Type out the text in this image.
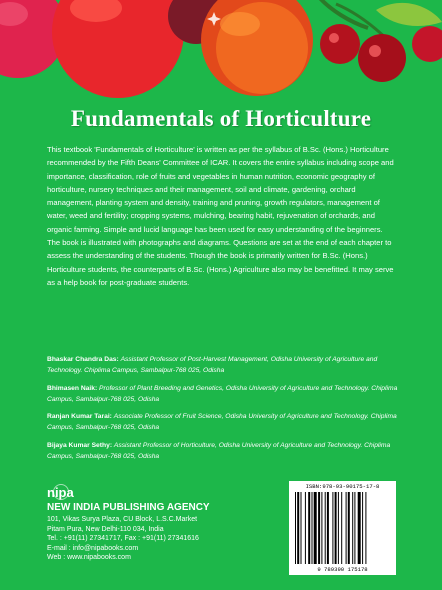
Fundamentals of Horticulture
This textbook 'Fundamentals of Horticulture' is written as per the syllabus of B.Sc. (Hons.) Horticulture recommended by the Fifth Deans' Committee of ICAR. It covers the entire syllabus including scope and importance, classification, role of fruits and vegetables in human nutrition, economic geography of horticulture, nursery techniques and their management, soil and climate, gardening, orchard management, planting system and density, training and pruning, growth regulators, management of water, weed and fertility; cropping systems, mulching, bearing habit, rejuvenation of orchards, and organic farming. Simple and lucid language has been used for easy understanding of the beginners. The book is illustrated with photographs and diagrams. Questions are set at the end of each chapter to assess the understanding of the students. Though the book is primarily written for B.Sc. (Hons.) Horticulture students, the counterparts of B.Sc. (Hons.) Agriculture also may be benefitted. It may serve as a help book for post-graduate students.
Bhaskar Chandra Das: Assistant Professor of Post-Harvest Management, Odisha University of Agriculture and Technology. Chiplima Campus, Sambalpur-768 025, Odisha
Bhimasen Naik: Professor of Plant Breeding and Genetics, Odisha University of Agriculture and Technology. Chiplima Campus, Sambalpur-768 025, Odisha
Ranjan Kumar Tarai: Associate Professor of Fruit Science, Odisha University of Agriculture and Technology. Chiplima Campus, Sambalpur-768 025, Odisha
Bijaya Kumar Sethy: Assistant Professor of Horticulture, Odisha University of Agriculture and Technology. Chiplima Campus, Sambalpur-768 025, Odisha
nipa
NEW INDIA PUBLISHING AGENCY
101, Vikas Surya Plaza, CU Block, L.S.C.Market
Pitam Pura, New Delhi-110 034, India
Tel. : +91(11) 27341717, Fax : +91(11) 27341616
E-mail : info@nipabooks.com
Web : www.nipabooks.com
ISBN:978-93-90175-17-8
9 789390 175178
